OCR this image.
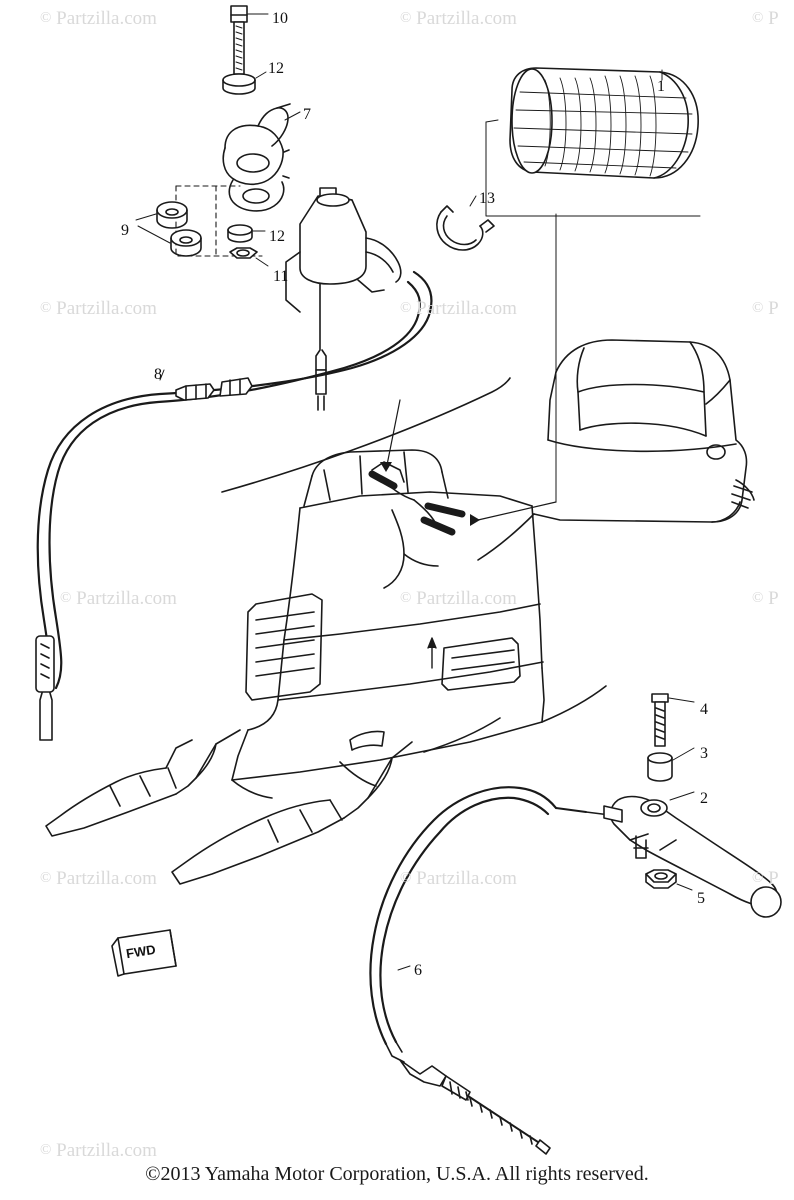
© Partzilla.com	© Partzilla.com	© P
© Partzilla.com	© Partzilla.com	© P
© Partzilla.com	© Partzilla.com	© P
© Partzilla.com	© Partzilla.com	© P
© Partzilla.com
10
12
1
7
13
9	12
11
8
4
3
2
5
6
FWD
©2013 Yamaha Motor Corporation, U.S.A. All rights reserved.
